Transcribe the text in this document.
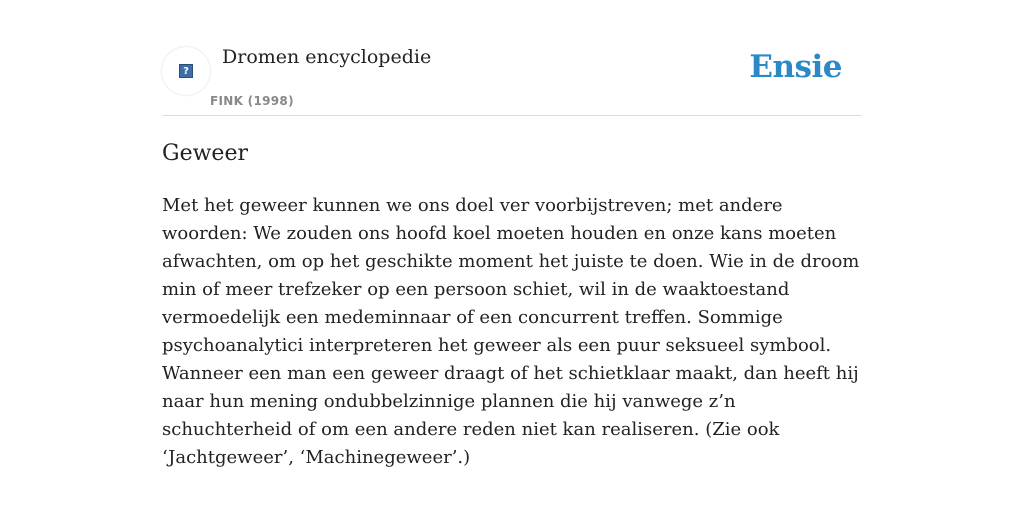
?
Dromen encyclopedie
FINK (1998)
Ensie
Geweer

Met het geweer kunnen we ons doel ver voorbijstreven; met andere woorden: We zouden ons hoofd koel moeten houden en onze kans moeten afwachten, om op het geschikte moment het juiste te doen. Wie in de droom min of meer trefzeker op een persoon schiet, wil in de waaktoestand vermoedelijk een medeminnaar of een concurrent treffen. Sommige psychoanalytici interpreteren het geweer als een puur seksueel symbool. Wanneer een man een geweer draagt of het schietklaar maakt, dan heeft hij naar hun mening ondubbelzinnige plannen die hij vanwege z’n schuchterheid of om een andere reden niet kan realiseren. (Zie ook ‘Jachtgeweer’, ‘Machinegeweer’.)
